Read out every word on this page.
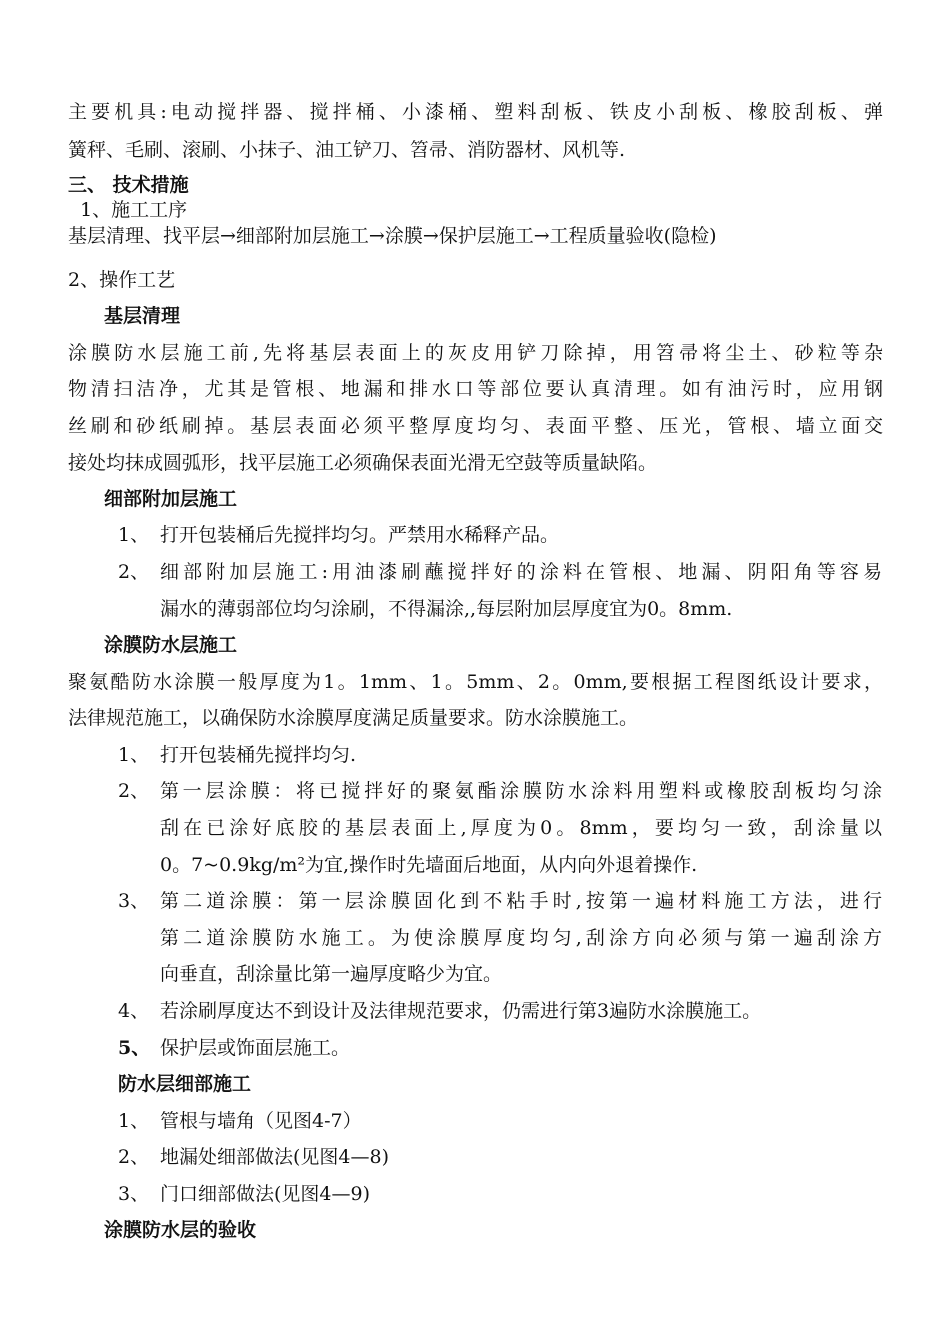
主要机具:电动搅拌器、搅拌桶、小漆桶、塑料刮板、铁皮小刮板、橡胶刮板、弹
簧秤、毛刷、滚刷、小抹子、油工铲刀、笤帚、消防器材、风机等.
三、 技术措施
1、施工工序
基层清理、找平层→细部附加层施工→涂膜→保护层施工→工程质量验收(隐检)
2、操作工艺
基层清理
涂膜防水层施工前,先将基层表面上的灰皮用铲刀除掉，用笤帚将尘土、砂粒等杂
物清扫洁净，尤其是管根、地漏和排水口等部位要认真清理。如有油污时，应用钢
丝刷和砂纸刷掉。基层表面必须平整厚度均匀、表面平整、压光，管根、墙立面交
接处均抹成圆弧形，找平层施工必须确保表面光滑无空鼓等质量缺陷。
细部附加层施工
1、 打开包装桶后先搅拌均匀。严禁用水稀释产品。
2、 细部附加层施工:用油漆刷蘸搅拌好的涂料在管根、地漏、阴阳角等容易
漏水的薄弱部位均匀涂刷，不得漏涂,,每层附加层厚度宜为0。8mm.
涂膜防水层施工
聚氨酷防水涂膜一般厚度为1。1mm、1。5mm、2。0mm,要根据工程图纸设计要求，
法律规范施工，以确保防水涂膜厚度满足质量要求。防水涂膜施工。
1、 打开包装桶先搅拌均匀.
2、 第一层涂膜：将已搅拌好的聚氨酯涂膜防水涂料用塑料或橡胶刮板均匀涂
刮在已涂好底胶的基层表面上,厚度为0。8mm，要均匀一致，刮涂量以
0。7~0.9kg/m²为宜,操作时先墙面后地面，从内向外退着操作.
3、 第二道涂膜：第一层涂膜固化到不粘手时,按第一遍材料施工方法，进行
第二道涂膜防水施工。为使涂膜厚度均匀,刮涂方向必须与第一遍刮涂方
向垂直，刮涂量比第一遍厚度略少为宜。
4、 若涂刷厚度达不到设计及法律规范要求，仍需进行第3遍防水涂膜施工。
5、 保护层或饰面层施工。
防水层细部施工
1、 管根与墙角（见图4-7）
2、 地漏处细部做法(见图4—8)
3、 门口细部做法(见图4—9)
涂膜防水层的验收
